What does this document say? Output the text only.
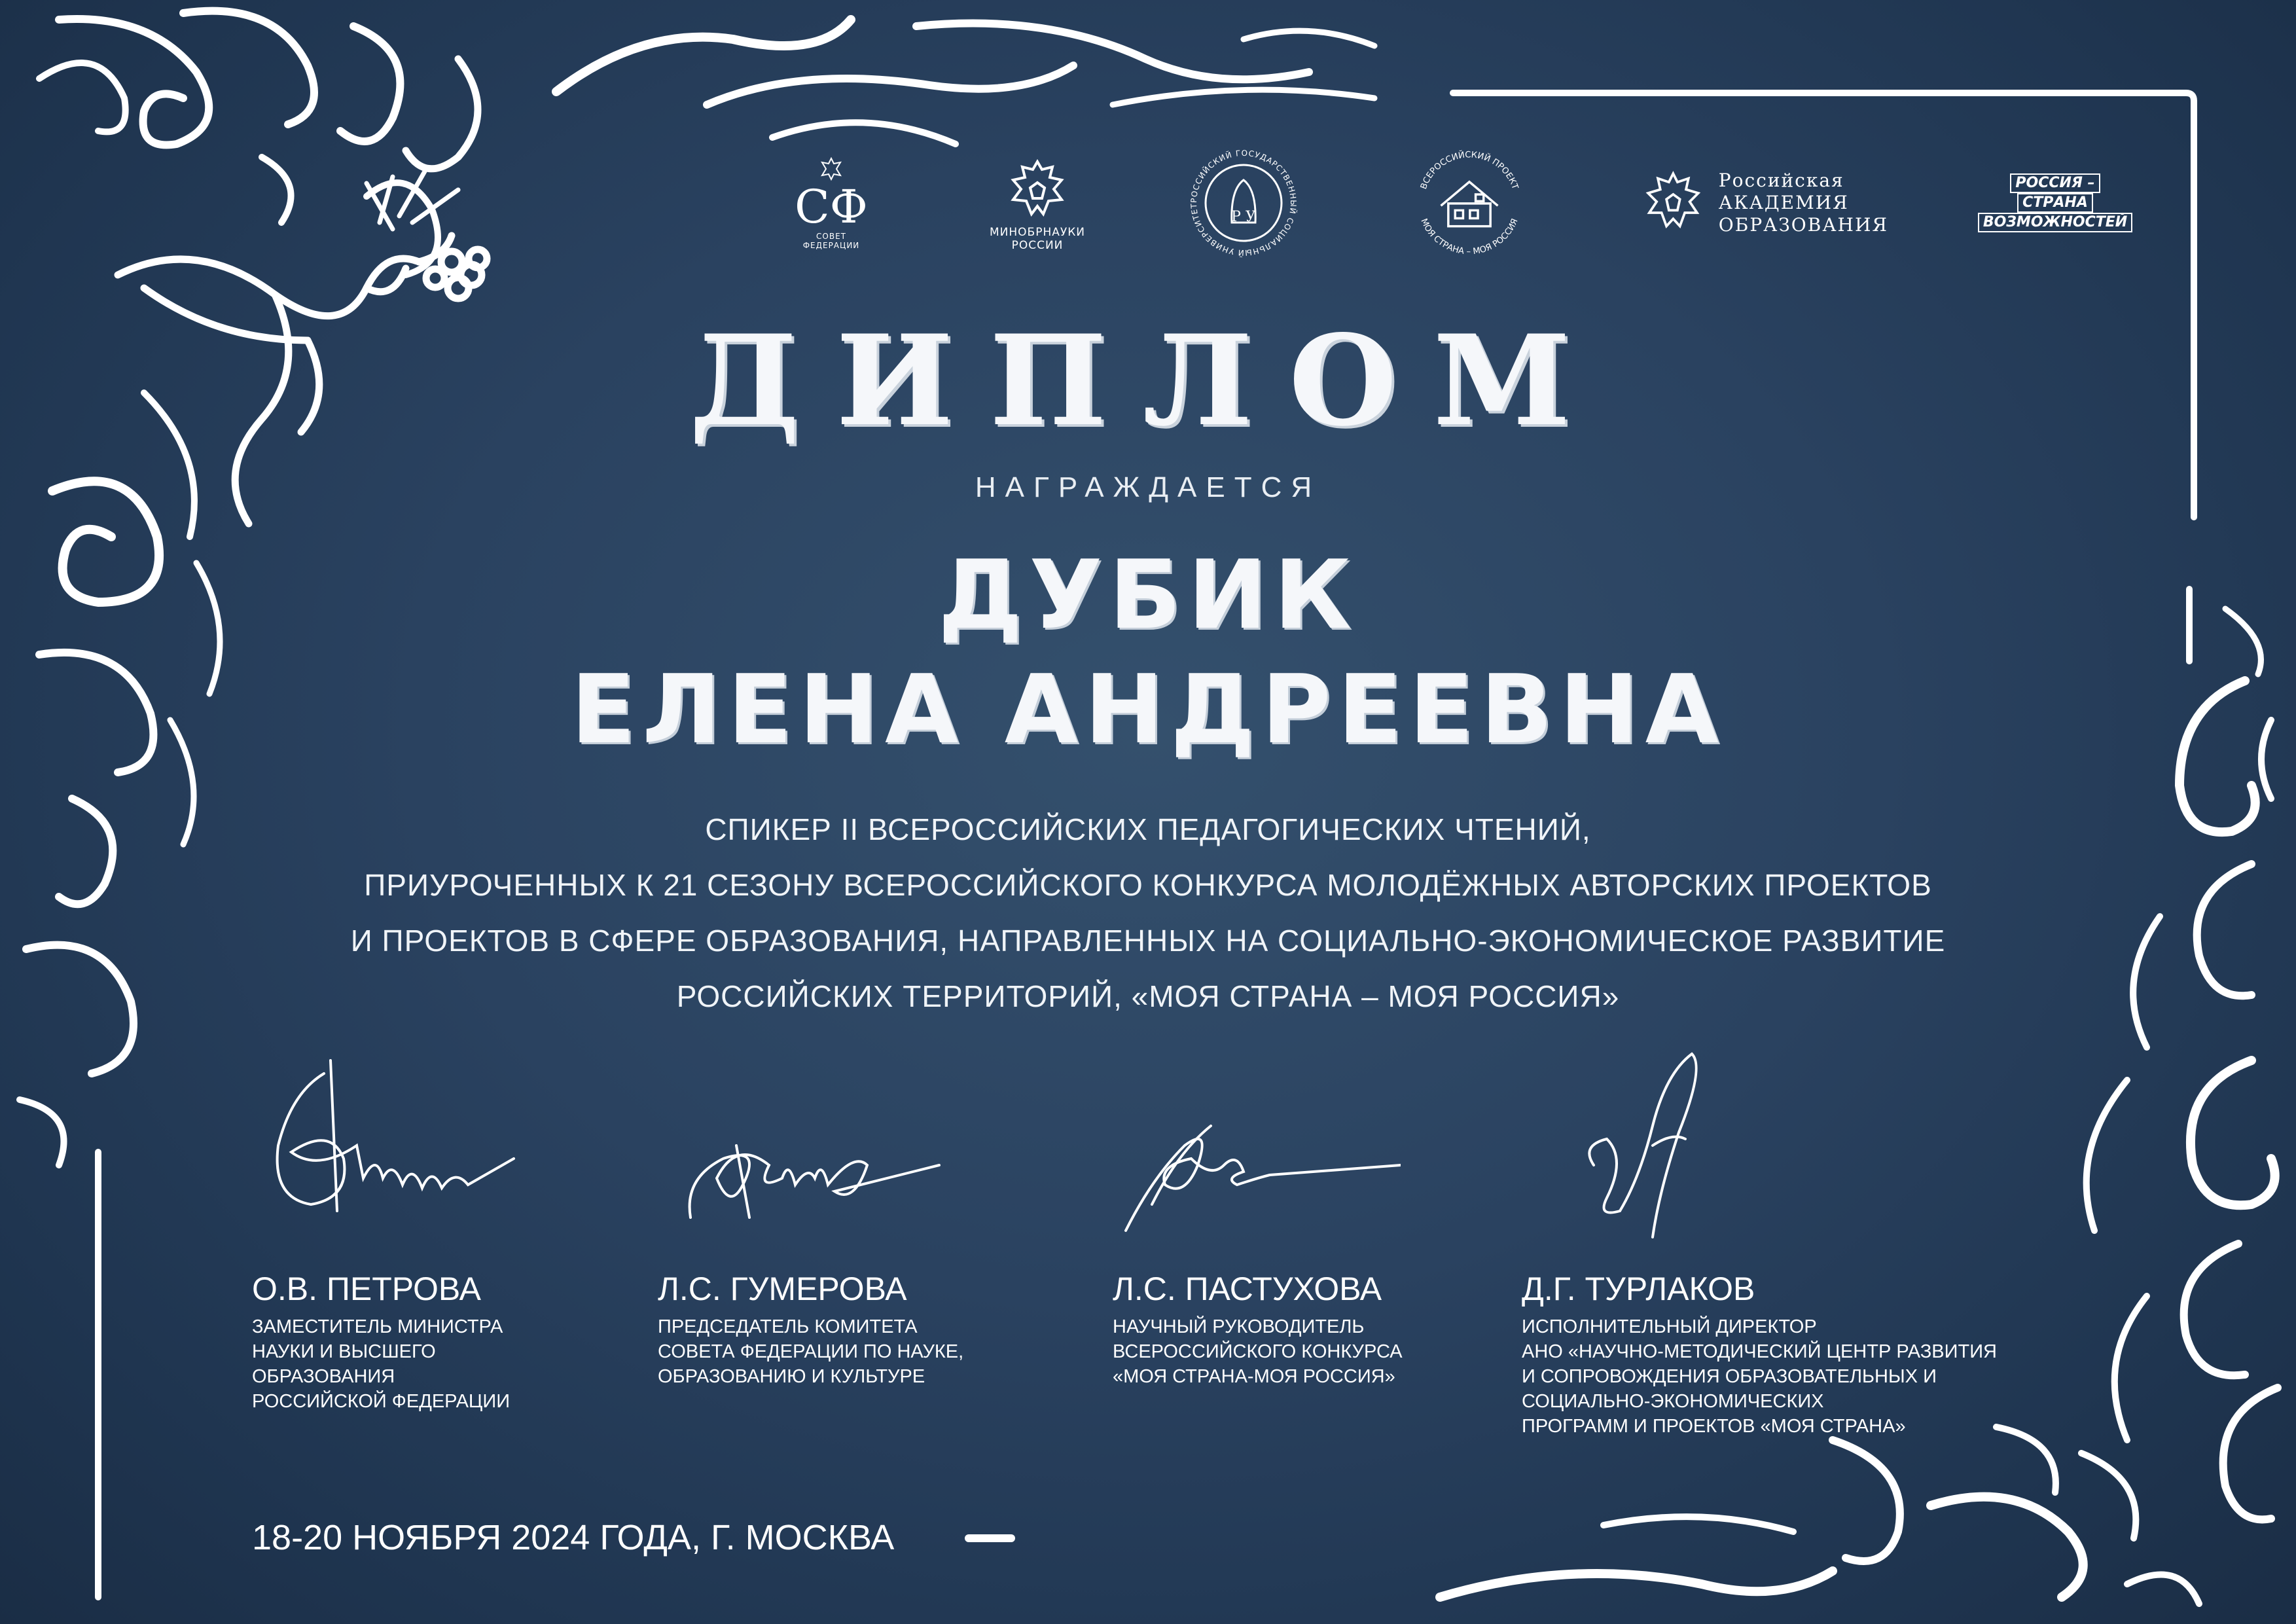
СФ
СОВЕТ ФЕДЕРАЦИИ
МИНОБРНАУКИ
РОССИИ
РОССИЙСКИЙ ГОСУДАРСТВЕННЫЙ СОЦИАЛЬНЫЙ УНИВЕРСИТЕТ
Р У
ВСЕРОССИЙСКИЙ ПРОЕКТ
МОЯ СТРАНА – МОЯ РОССИЯ
Российская
АКАДЕМИЯ
ОБРАЗОВАНИЯ
РОССИЯ –
СТРАНА
ВОЗМОЖНОСТЕЙ
ДИПЛОМ
НАГРАЖДАЕТСЯ
ДУБИК
ЕЛЕНА АНДРЕЕВНА
СПИКЕР II ВСЕРОССИЙСКИХ ПЕДАГОГИЧЕСКИХ ЧТЕНИЙ,
ПРИУРОЧЕННЫХ К 21 СЕЗОНУ ВСЕРОССИЙСКОГО КОНКУРСА МОЛОДЁЖНЫХ АВТОРСКИХ ПРОЕКТОВ
И ПРОЕКТОВ В СФЕРЕ ОБРАЗОВАНИЯ, НАПРАВЛЕННЫХ НА СОЦИАЛЬНО-ЭКОНОМИЧЕСКОЕ РАЗВИТИЕ
РОССИЙСКИХ ТЕРРИТОРИЙ, «МОЯ СТРАНА – МОЯ РОССИЯ»
О.В. ПЕТРОВА
ЗАМЕСТИТЕЛЬ МИНИСТРА
НАУКИ И ВЫСШЕГО
ОБРАЗОВАНИЯ
РОССИЙСКОЙ ФЕДЕРАЦИИ
Л.С. ГУМЕРОВА
ПРЕДСЕДАТЕЛЬ КОМИТЕТА
СОВЕТА ФЕДЕРАЦИИ ПО НАУКЕ,
ОБРАЗОВАНИЮ И КУЛЬТУРЕ
Л.С. ПАСТУХОВА
НАУЧНЫЙ РУКОВОДИТЕЛЬ
ВСЕРОССИЙСКОГО КОНКУРСА
«МОЯ СТРАНА-МОЯ РОССИЯ»
Д.Г. ТУРЛАКОВ
ИСПОЛНИТЕЛЬНЫЙ ДИРЕКТОР
АНО «НАУЧНО-МЕТОДИЧЕСКИЙ ЦЕНТР РАЗВИТИЯ
И СОПРОВОЖДЕНИЯ ОБРАЗОВАТЕЛЬНЫХ И
СОЦИАЛЬНО-ЭКОНОМИЧЕСКИХ
ПРОГРАММ И ПРОЕКТОВ «МОЯ СТРАНА»
18-20 НОЯБРЯ 2024 ГОДА, Г. МОСКВА
